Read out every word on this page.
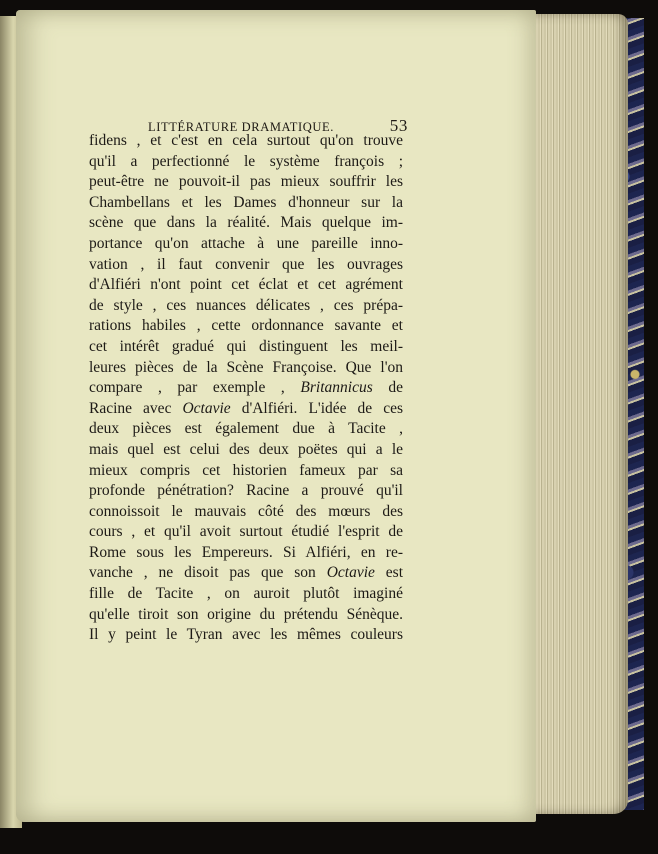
LITTÉRATURE DRAMATIQUE.	53
fidens , et c'est en cela surtout qu'on trouve
qu'il a perfectionné le système françois ;
peut-être ne pouvoit-il pas mieux souffrir les
Chambellans et les Dames d'honneur sur la
scène que dans la réalité. Mais quelque im-
portance qu'on attache à une pareille inno-
vation , il faut convenir que les ouvrages
d'Alfiéri n'ont point cet éclat et cet agrément
de style , ces nuances délicates , ces prépa-
rations habiles , cette ordonnance savante et
cet intérêt gradué qui distinguent les meil-
leures pièces de la Scène Françoise. Que l'on
compare , par exemple , Britannicus de
Racine avec Octavie d'Alfiéri. L'idée de ces
deux pièces est également due à Tacite ,
mais quel est celui des deux poëtes qui a le
mieux compris cet historien fameux par sa
profonde pénétration? Racine a prouvé qu'il
connoissoit le mauvais côté des mœurs des
cours , et qu'il avoit surtout étudié l'esprit de
Rome sous les Empereurs. Si Alfiéri, en re-
vanche , ne disoit pas que son Octavie est
fille de Tacite , on auroit plutôt imaginé
qu'elle tiroit son origine du prétendu Sénèque.
Il y peint le Tyran avec les mêmes couleurs
